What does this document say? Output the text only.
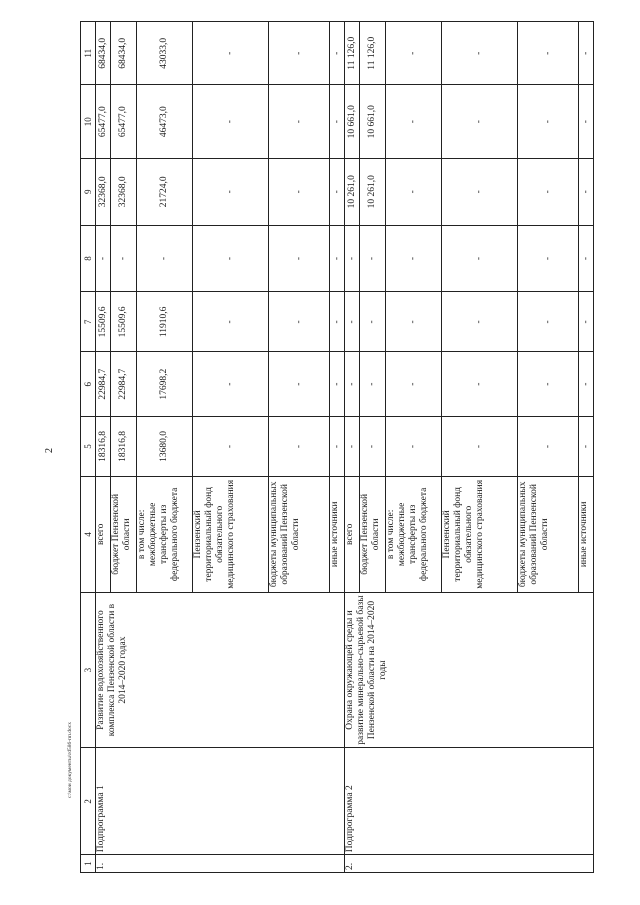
2
c:\мои документы\rd586-пп.docx
1	2	3	4	5	6	7	8	9	10	11
1.	Подпрограмма 1	Развитие водохозяйственного комплекса Пензенской области в 2014–2020 годах	всего	18316,8	22984,7	15509,6	-	32368,0	65477,0	68434,0
			бюджет Пензенской области	18316,8	22984,7	15509,6	-	32368,0	65477,0	68434,0
			в том числе: межбюджетные трансферты из федерального бюджета	13680,0	17698,2	11910,6	-	21724,0	46473,0	43033,0
			Пензенский территориальный фонд обязательного медицинского страхования	-	-	-	-	-	-	-
			бюджеты муниципальных образований Пензенской области	-	-	-	-	-	-	-
			иные источники	-	-	-	-	-	-	-
2.	Подпрограмма 2	Охрана окружающей среды и развитие минерально-сырьевой базы Пензенской области на 2014–2020 годы	всего	-	-	-	-	10 261,0	10 661,0	11 126,0
			бюджет Пензенской области	-	-	-	-	10 261,0	10 661,0	11 126,0
			в том числе: межбюджетные трансферты из федерального бюджета	-	-	-	-	-	-	-
			Пензенский территориальный фонд обязательного медицинского страхования	-	-	-	-	-	-	-
			бюджеты муниципальных образований Пензенской области	-	-	-	-	-	-	-
			иные источники	-	-	-	-	-	-	-
